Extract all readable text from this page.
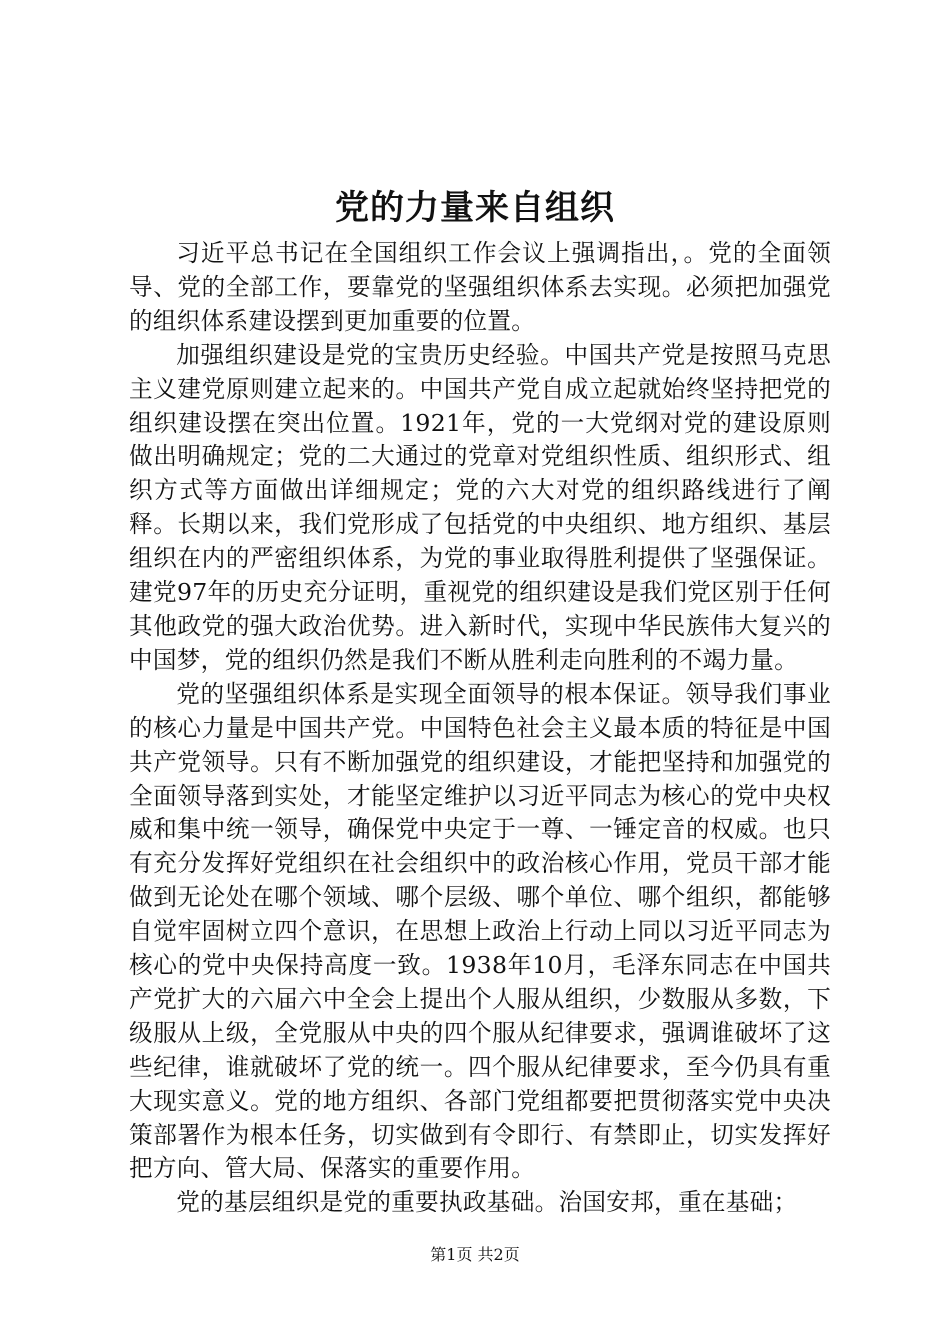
党的力量来自组织

习近平总书记在全国组织工作会议上强调指出，。党的全面领导、党的全部工作，要靠党的坚强组织体系去实现。必须把加强党的组织体系建设摆到更加重要的位置。

加强组织建设是党的宝贵历史经验。中国共产党是按照马克思主义建党原则建立起来的。中国共产党自成立起就始终坚持把党的组织建设摆在突出位置。1921年，党的一大党纲对党的建设原则做出明确规定；党的二大通过的党章对党组织性质、组织形式、组织方式等方面做出详细规定；党的六大对党的组织路线进行了阐释。长期以来，我们党形成了包括党的中央组织、地方组织、基层组织在内的严密组织体系，为党的事业取得胜利提供了坚强保证。建党97年的历史充分证明，重视党的组织建设是我们党区别于任何其他政党的强大政治优势。进入新时代，实现中华民族伟大复兴的中国梦，党的组织仍然是我们不断从胜利走向胜利的不竭力量。

党的坚强组织体系是实现全面领导的根本保证。领导我们事业的核心力量是中国共产党。中国特色社会主义最本质的特征是中国共产党领导。只有不断加强党的组织建设，才能把坚持和加强党的全面领导落到实处，才能坚定维护以习近平同志为核心的党中央权威和集中统一领导，确保党中央定于一尊、一锤定音的权威。也只有充分发挥好党组织在社会组织中的政治核心作用，党员干部才能做到无论处在哪个领域、哪个层级、哪个单位、哪个组织，都能够自觉牢固树立四个意识，在思想上政治上行动上同以习近平同志为核心的党中央保持高度一致。1938年10月，毛泽东同志在中国共产党扩大的六届六中全会上提出个人服从组织，少数服从多数，下级服从上级，全党服从中央的四个服从纪律要求，强调谁破坏了这些纪律，谁就破坏了党的统一。四个服从纪律要求，至今仍具有重大现实意义。党的地方组织、各部门党组都要把贯彻落实党中央决策部署作为根本任务，切实做到有令即行、有禁即止，切实发挥好把方向、管大局、保落实的重要作用。

党的基层组织是党的重要执政基础。治国安邦，重在基础；

第1页 共2页
